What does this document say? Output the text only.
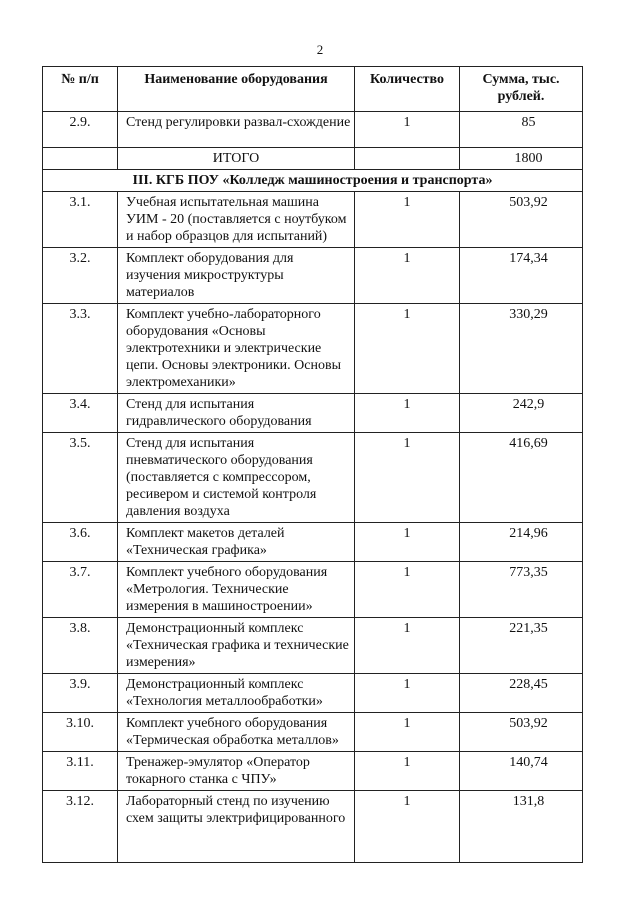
2
№ п/п	Наименование оборудования	Количество	Сумма, тыс. рублей.
2.9.	Стенд регулировки развал-схождение	1	85
	ИТОГО		1800
III. КГБ ПОУ «Колледж машиностроения и транспорта»			
3.1.	Учебная испытательная машина УИМ - 20 (поставляется с ноутбуком и набор образцов для испытаний)	1	503,92
3.2.	Комплект оборудования для изучения микроструктуры материалов	1	174,34
3.3.	Комплект учебно-лабораторного оборудования «Основы электротехники и электрические цепи. Основы электроники. Основы электромеханики»	1	330,29
3.4.	Стенд для испытания гидравлического оборудования	1	242,9
3.5.	Стенд для испытания пневматического оборудования (поставляется с компрессором, ресивером и системой контроля давления воздуха	1	416,69
3.6.	Комплект макетов деталей «Техническая графика»	1	214,96
3.7.	Комплект учебного оборудования «Метрология. Технические измерения в машиностроении»	1	773,35
3.8.	Демонстрационный комплекс «Техническая графика и технические измерения»	1	221,35
3.9.	Демонстрационный комплекс «Технология металлообработки»	1	228,45
3.10.	Комплект учебного оборудования «Термическая обработка металлов»	1	503,92
3.11.	Тренажер-эмулятор «Оператор токарного станка с ЧПУ»	1	140,74
3.12.	Лабораторный стенд по изучению схем защиты электрифицированного	1	131,8
